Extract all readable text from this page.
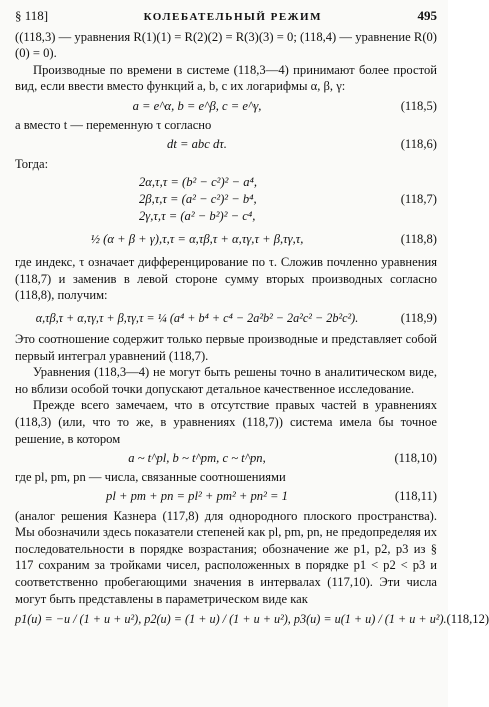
§ 118]	КОЛЕБАТЕЛЬНЫЙ РЕЖИМ	495

((118,3) — уравнения R(1)(1) = R(2)(2) = R(3)(3) = 0; (118,4) — уравнение R(0)(0) = 0).

Производные по времени в системе (118,3—4) принимают более простой вид, если ввести вместо функций a, b, c их логарифмы α, β, γ:

a = e^α, b = e^β, c = e^γ,	(118,5)

а вместо t — переменную τ согласно

dt = abc dτ.	(118,6)

Тогда:

2α,τ,τ = (b² − c²)² − a⁴,
2β,τ,τ = (a² − c²)² − b⁴,
2γ,τ,τ = (a² − b²)² − c⁴,
(118,7)
½ (α + β + γ),τ,τ = α,τβ,τ + α,τγ,τ + β,τγ,τ,	(118,8)

где индекс, τ означает дифференцирование по τ. Сложив почленно уравнения (118,7) и заменив в левой стороне сумму вторых производных согласно (118,8), получим:

α,τβ,τ + α,τγ,τ + β,τγ,τ = ¼ (a⁴ + b⁴ + c⁴ − 2a²b² − 2a²c² − 2b²c²).	(118,9)

Это соотношение содержит только первые производные и представляет собой первый интеграл уравнений (118,7).

Уравнения (118,3—4) не могут быть решены точно в аналитическом виде, но вблизи особой точки допускают детальное качественное исследование.

Прежде всего замечаем, что в отсутствие правых частей в уравнениях (118,3) (или, что то же, в уравнениях (118,7)) система имела бы точное решение, в котором

a ~ t^pl, b ~ t^pm, c ~ t^pn,	(118,10)

где pl, pm, pn — числа, связанные соотношениями

pl + pm + pn = pl² + pm² + pn² = 1	(118,11)

(аналог решения Казнера (117,8) для однородного плоского пространства). Мы обозначили здесь показатели степеней как pl, pm, pn, не предопределяя их последовательности в порядке возрастания; обозначение же p1, p2, p3 из § 117 сохраним за тройками чисел, расположенных в порядке p1 < p2 < p3 и соответственно пробегающими значения в интервалах (117,10). Эти числа могут быть представлены в параметрическом виде как

p1(u) = −u / (1 + u + u²), p2(u) = (1 + u) / (1 + u + u²), p3(u) = u(1 + u) / (1 + u + u²). (118,12)
